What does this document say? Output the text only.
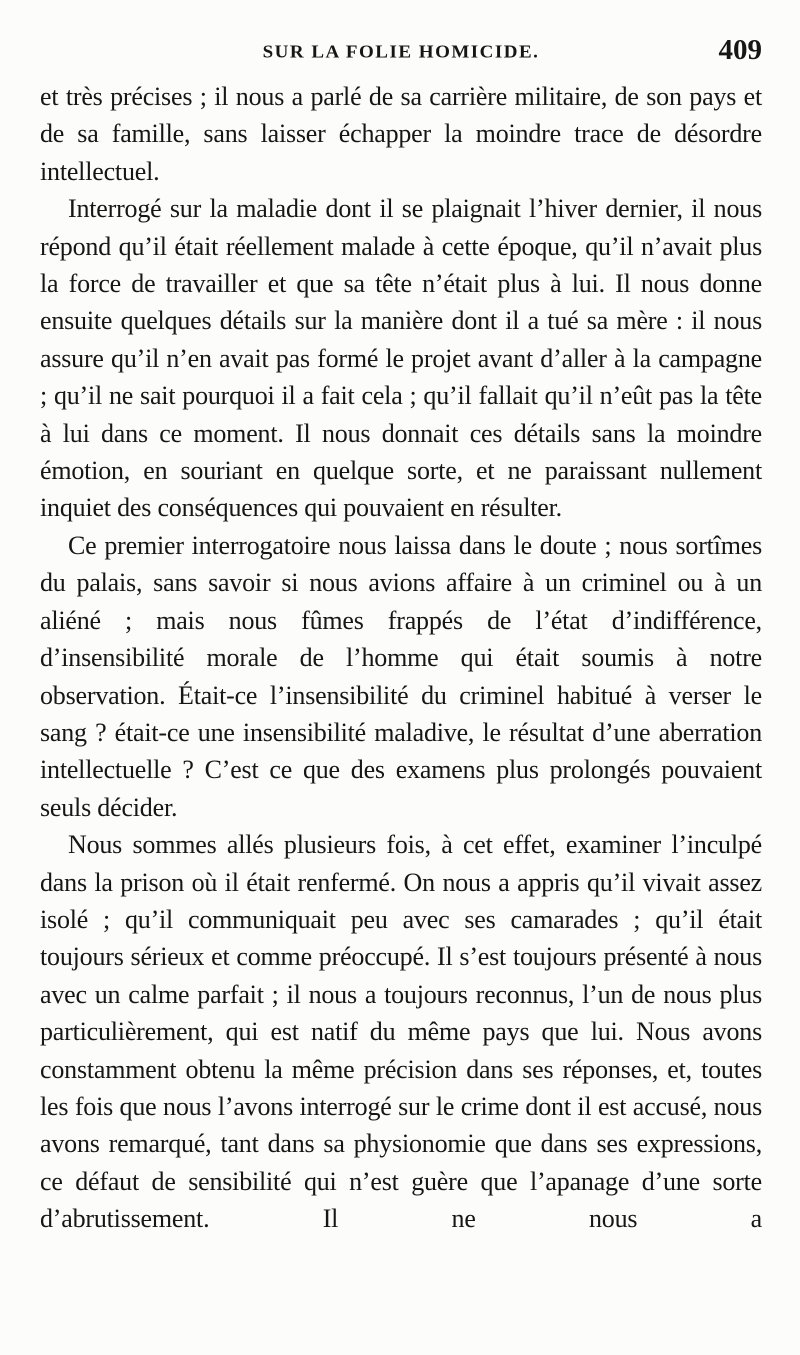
SUR LA FOLIE HOMICIDE.	409

et très précises ; il nous a parlé de sa carrière militaire, de son pays et de sa famille, sans laisser échapper la moindre trace de désordre intellectuel.

Interrogé sur la maladie dont il se plaignait l’hiver dernier, il nous répond qu’il était réellement malade à cette époque, qu’il n’avait plus la force de travailler et que sa tête n’était plus à lui. Il nous donne ensuite quelques détails sur la manière dont il a tué sa mère : il nous assure qu’il n’en avait pas formé le projet avant d’aller à la campagne ; qu’il ne sait pourquoi il a fait cela ; qu’il fallait qu’il n’eût pas la tête à lui dans ce moment. Il nous donnait ces détails sans la moindre émotion, en souriant en quelque sorte, et ne paraissant nullement inquiet des conséquences qui pouvaient en résulter.

Ce premier interrogatoire nous laissa dans le doute ; nous sortîmes du palais, sans savoir si nous avions affaire à un criminel ou à un aliéné ; mais nous fûmes frappés de l’état d’indifférence, d’insensibilité morale de l’homme qui était soumis à notre observation. Était-ce l’insensibilité du criminel habitué à verser le sang ? était-ce une insensibilité maladive, le résultat d’une aberration intellectuelle ? C’est ce que des examens plus prolongés pouvaient seuls décider.

Nous sommes allés plusieurs fois, à cet effet, examiner l’inculpé dans la prison où il était renfermé. On nous a appris qu’il vivait assez isolé ; qu’il communiquait peu avec ses camarades ; qu’il était toujours sérieux et comme préoccupé. Il s’est toujours présenté à nous avec un calme parfait ; il nous a toujours reconnus, l’un de nous plus particulièrement, qui est natif du même pays que lui. Nous avons constamment obtenu la même précision dans ses réponses, et, toutes les fois que nous l’avons interrogé sur le crime dont il est accusé, nous avons remarqué, tant dans sa physionomie que dans ses expressions, ce défaut de sensibilité qui n’est guère que l’apanage d’une sorte d’abrutissement. Il ne nous a
